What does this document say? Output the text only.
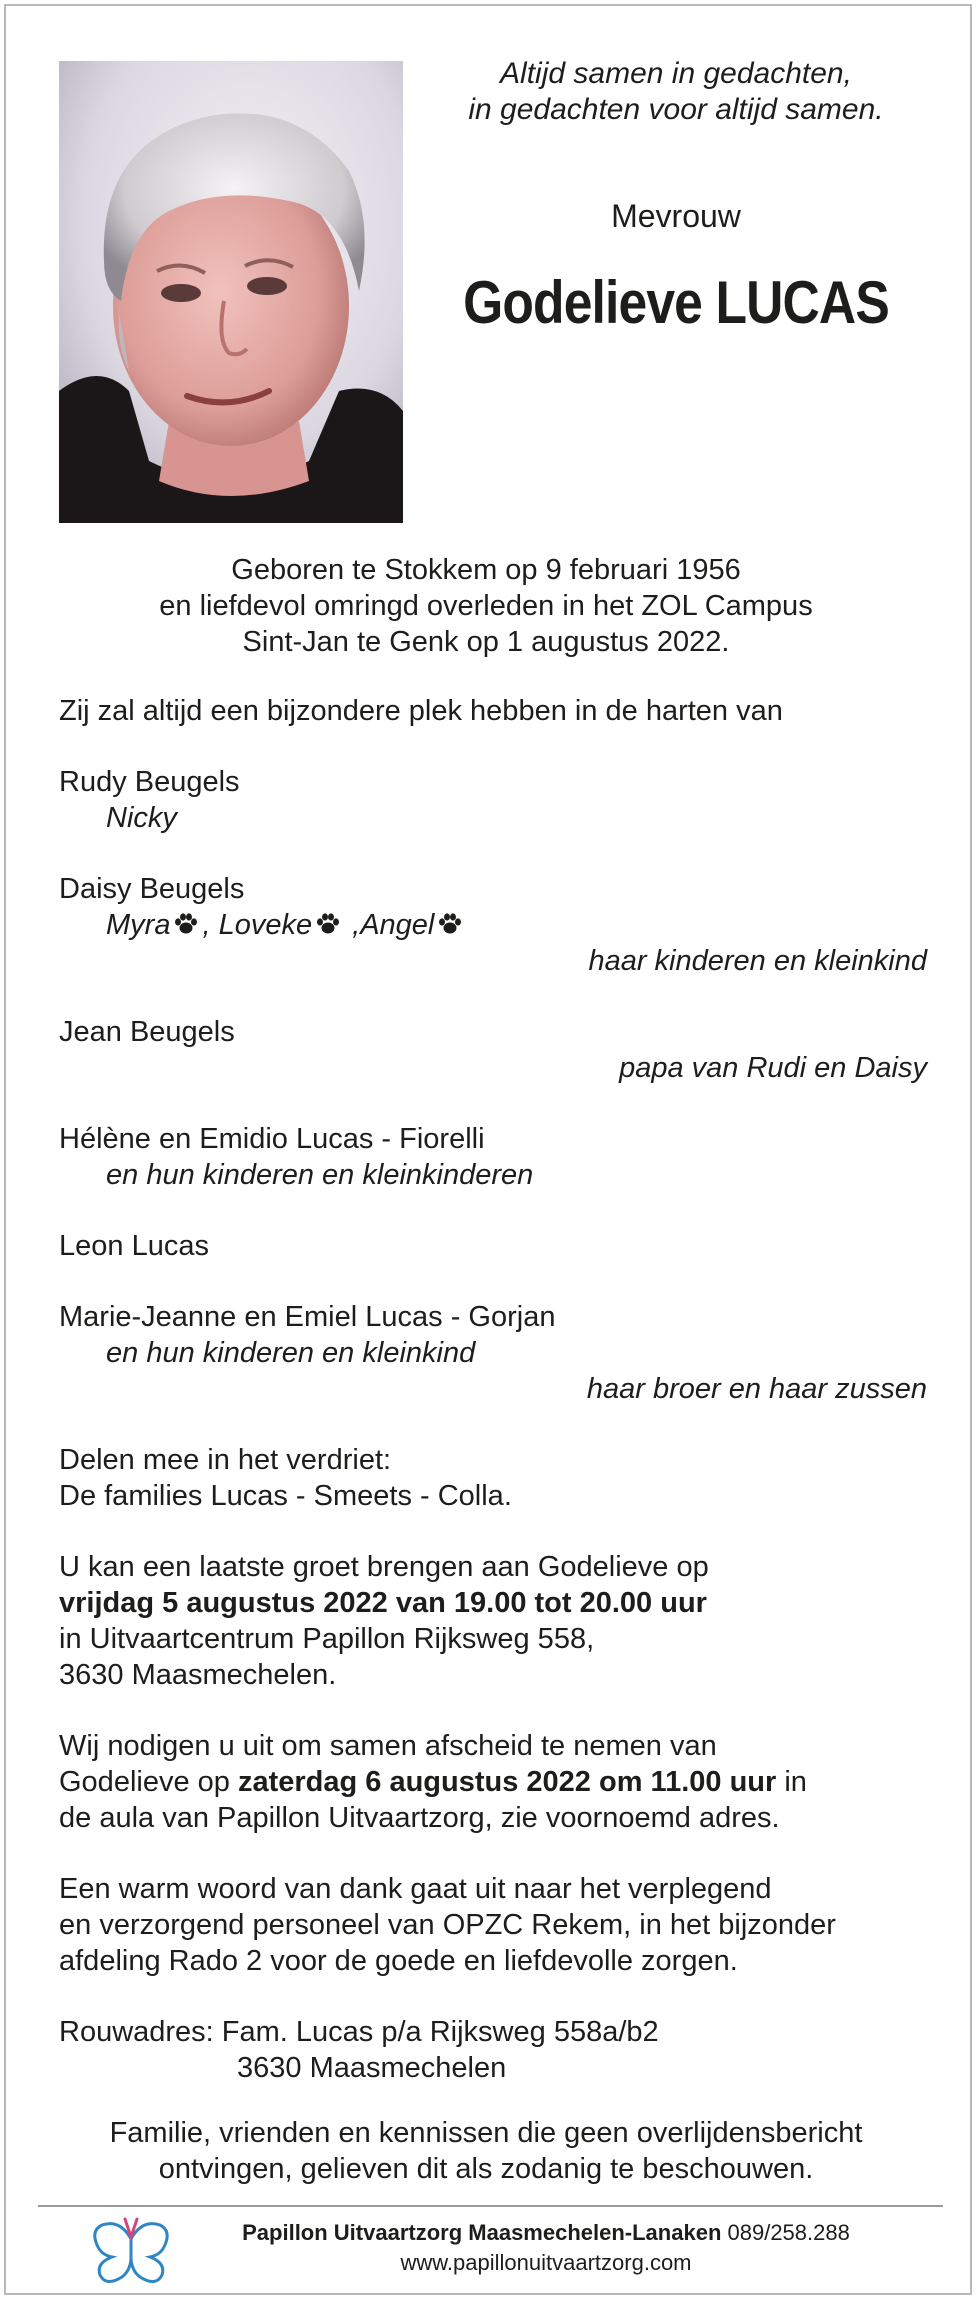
Altijd samen in gedachten,
in gedachten voor altijd samen.
Mevrouw
Godelieve LUCAS
Geboren te Stokkem op 9 februari 1956
en liefdevol omringd overleden in het ZOL Campus
Sint-Jan te Genk op 1 augustus 2022.
Zij zal altijd een bijzondere plek hebben in de harten van
Rudy Beugels
Nicky
Daisy Beugels
Myra , Loveke ,Angel
haar kinderen en kleinkind
Jean Beugels
papa van Rudi en Daisy
Hélène en Emidio Lucas - Fiorelli
en hun kinderen en kleinkinderen
Leon Lucas
Marie-Jeanne en Emiel Lucas - Gorjan
en hun kinderen en kleinkind
haar broer en haar zussen
Delen mee in het verdriet:
De families Lucas - Smeets - Colla.
U kan een laatste groet brengen aan Godelieve op
vrijdag 5 augustus 2022 van 19.00 tot 20.00 uur
in Uitvaartcentrum Papillon Rijksweg 558,
3630 Maasmechelen.
Wij nodigen u uit om samen afscheid te nemen van
Godelieve op zaterdag 6 augustus 2022 om 11.00 uur in
de aula van Papillon Uitvaartzorg, zie voornoemd adres.
Een warm woord van dank gaat uit naar het verplegend
en verzorgend personeel van OPZC Rekem, in het bijzonder
afdeling Rado 2 voor de goede en liefdevolle zorgen.
Rouwadres: Fam. Lucas p/a Rijksweg 558a/b2
3630 Maasmechelen
Familie, vrienden en kennissen die geen overlijdensbericht
ontvingen, gelieven dit als zodanig te beschouwen.
Papillon Uitvaartzorg Maasmechelen-Lanaken 089/258.288
www.papillonuitvaartzorg.com
